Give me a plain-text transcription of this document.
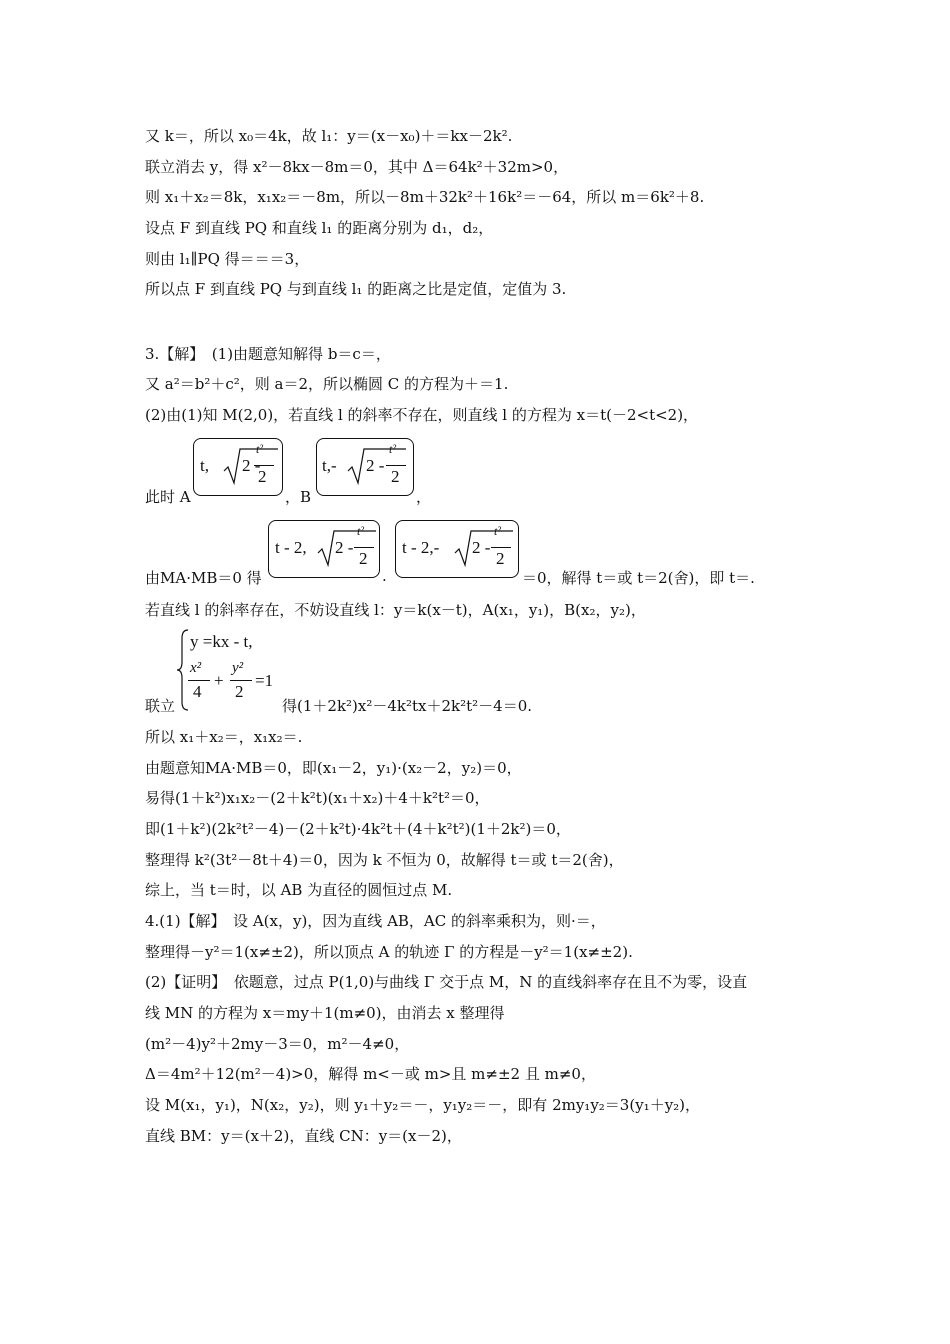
又 k＝，所以 x₀＝4k，故 l₁：y＝(x－x₀)＋＝kx－2k².
联立消去 y，得 x²－8kx－8m＝0，其中 Δ＝64k²＋32m>0，
则 x₁＋x₂＝8k，x₁x₂＝－8m，所以－8m＋32k²＋16k²＝－64，所以 m＝6k²＋8.
设点 F 到直线 PQ 和直线 l₁ 的距离分别为 d₁，d₂，
则由 l₁∥PQ 得＝＝＝3，
所以点 F 到直线 PQ 与到直线 l₁ 的距离之比是定值，定值为 3.
3.【解】　(1)由题意知解得 b＝c＝，
又 a²＝b²＋c²，则 a＝2，所以椭圆 C 的方程为＋＝1.
(2)由(1)知 M(2,0)，若直线 l 的斜率不存在，则直线 l 的方程为 x＝t(－2<t<2)，
此时 A
t, 2 -
t²
2
，B
t,- 2 -
t²
2
，
由MA·MB＝0 得
t - 2, 2 -
t²
2
.
t - 2,- 2 -
t²
2
＝0，解得 t＝或 t＝2(舍)，即 t＝.
若直线 l 的斜率存在，不妨设直线 l：y＝k(x－t)，A(x₁，y₁)，B(x₂，y₂)，
联立
y =kx - t,
x²
4
+
y²
2
=1
得(1＋2k²)x²－4k²tx＋2k²t²－4＝0.
所以 x₁＋x₂＝，x₁x₂＝.
由题意知MA·MB＝0，即(x₁－2，y₁)·(x₂－2，y₂)＝0，
易得(1＋k²)x₁x₂－(2＋k²t)(x₁＋x₂)＋4＋k²t²＝0，
即(1＋k²)(2k²t²－4)－(2＋k²t)·4k²t＋(4＋k²t²)(1＋2k²)＝0，
整理得 k²(3t²－8t＋4)＝0，因为 k 不恒为 0，故解得 t＝或 t＝2(舍)，
综上，当 t＝时，以 AB 为直径的圆恒过点 M.
4.(1)【解】　设 A(x，y)，因为直线 AB，AC 的斜率乘积为，则·＝，
整理得－y²＝1(x≠±2)，所以顶点 A 的轨迹 Γ 的方程是－y²＝1(x≠±2).
(2)【证明】　依题意，过点 P(1,0)与曲线 Γ 交于点 M，N 的直线斜率存在且不为零，设直
线 MN 的方程为 x＝my＋1(m≠0)，由消去 x 整理得
(m²－4)y²＋2my－3＝0，m²－4≠0，
Δ＝4m²＋12(m²－4)>0，解得 m<－或 m>且 m≠±2 且 m≠0，
设 M(x₁，y₁)，N(x₂，y₂)，则 y₁＋y₂＝－，y₁y₂＝－，即有 2my₁y₂＝3(y₁＋y₂)，
直线 BM：y＝(x＋2)，直线 CN：y＝(x－2)，
